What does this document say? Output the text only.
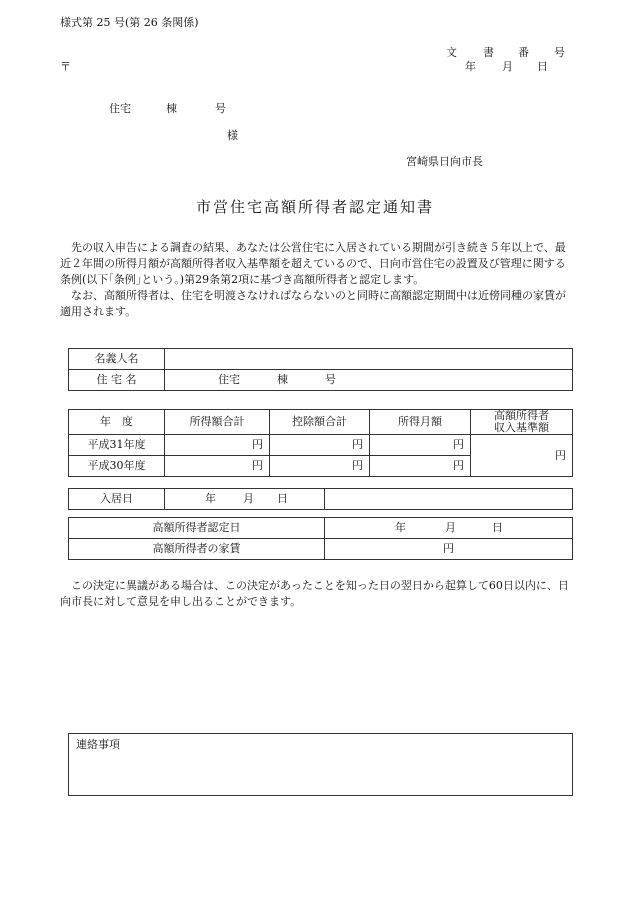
様式第 25 号(第 26 条関係)
文 書 番 号
〒	年 月 日
住宅	棟	号
様
宮崎県日向市長
市営住宅高額所得者認定通知書

先の収入申告による調査の結果、あなたは公営住宅に入居されている期間が引き続き５年以上で、最近２年間の所得月額が高額所得者収入基準額を超えているので、日向市営住宅の設置及び管理に関する条例(以下｢条例｣という。)第29条第2項に基づき高額所得者と認定します。

なお、高額所得者は、住宅を明渡さなければならないのと同時に高額認定期間中は近傍同種の家賃が適用されます。

名義人名	
住 宅 名	住宅 棟 号
年　度	所得額合計	控除額合計	所得月額	高額所得者
収入基準額
平成31年度	円	円	円	円
平成30年度	円	円	円	
入居日	年 月 日

高額所得者認定日	年 月 日

高額所得者の家賃	円

この決定に異議がある場合は、この決定があったことを知った日の翌日から起算して60日以内に、日向市長に対して意見を申し出ることができます。

連絡事項
